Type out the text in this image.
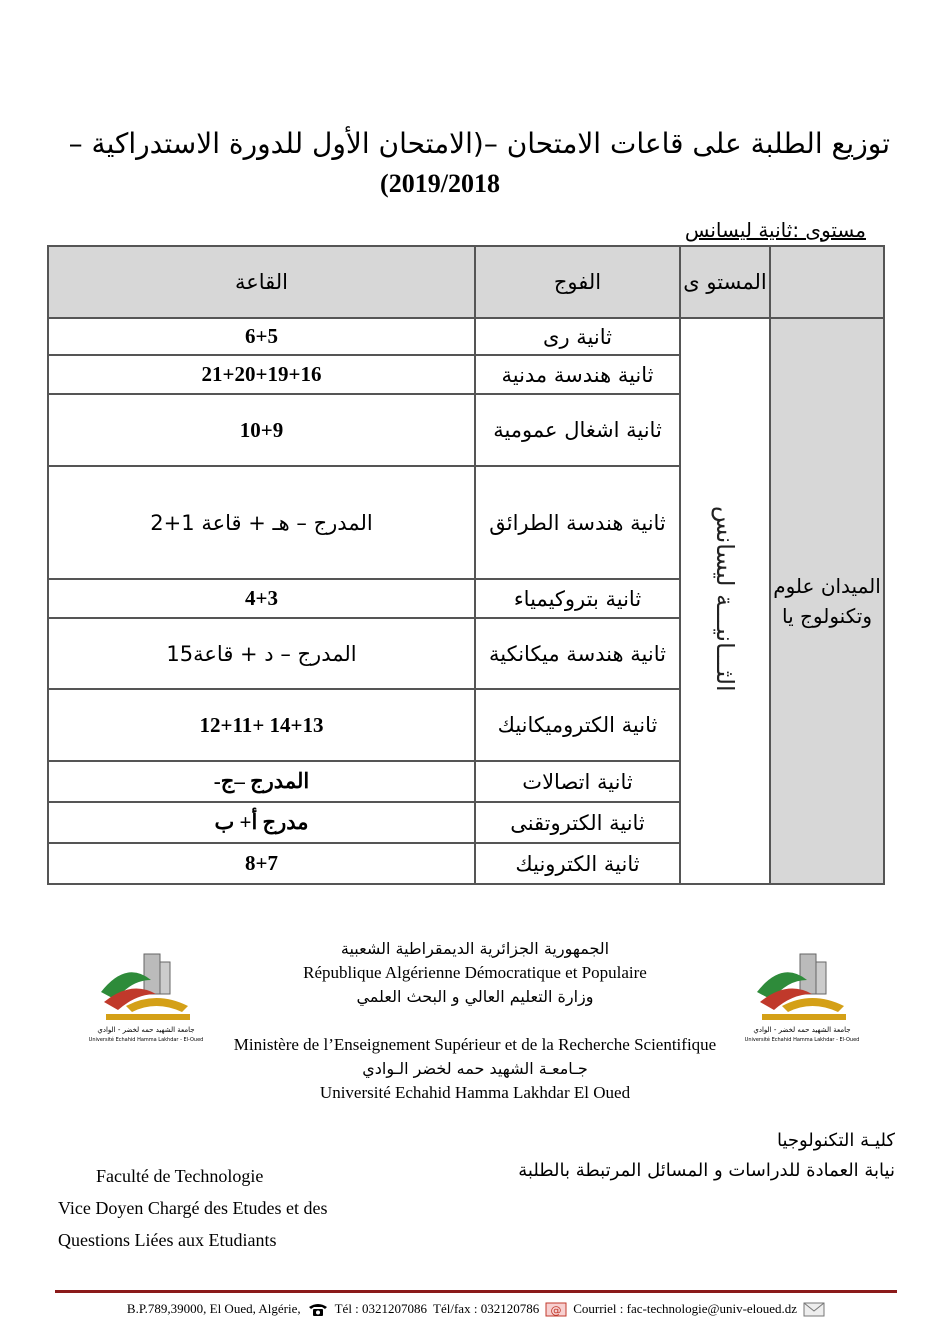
توزيع الطلبة على قاعات الامتحان –(الامتحان الأول للدورة الاستدراكية –
2019/2018)
مستوى :ثانية ليسانس
	المستو ى	الفوج	القاعة
الميدان علوم وتكنولوج يا	الثـــانيـــة ليسانس	ثانية رى	6+5
		ثانية هندسة مدنية	21+20+19+16
		ثانية اشغال عمومية	10+9
		ثانية هندسة الطرائق	المدرج – هـ + قاعة 1+2
		ثانية بتروكيمياء	4+3
		ثانية هندسة ميكانكية	المدرج – د + قاعة15
		ثانية الكتروميكانيك	14+13 +12+11
		ثانية اتصالات	المدرج –ج-
		ثانية الكتروتقنى	مدرج أ+ ب
		ثانية الكترونيك	8+7
جامعة الشهيد حمه لخضر - الوادي
Université Echahid Hamma Lakhdar - El-Oued
جامعة الشهيد حمه لخضر - الوادي
Université Echahid Hamma Lakhdar - El-Oued
الجمهورية الجزائرية الديمقراطية الشعبية
République Algérienne Démocratique et Populaire
وزارة التعليم العالي و البحث العلمي
Ministère de l’Enseignement Supérieur et de la Recherche Scientifique
جـامعـة الشهيد حمه لخضر الـوادي
Université Echahid Hamma Lakhdar El Oued
كليـة التكنولوجيا
نيابة العمادة للدراسات و المسائل المرتبطة بالطلبة
Faculté de Technologie
Vice Doyen Chargé des Etudes et des
Questions Liées aux Etudiants
B.P.789,39000, El Oued, Algérie,	Tél : 0321207086 Tél/fax : 032120786 @ Courriel : fac-technologie@univ-eloued.dz
